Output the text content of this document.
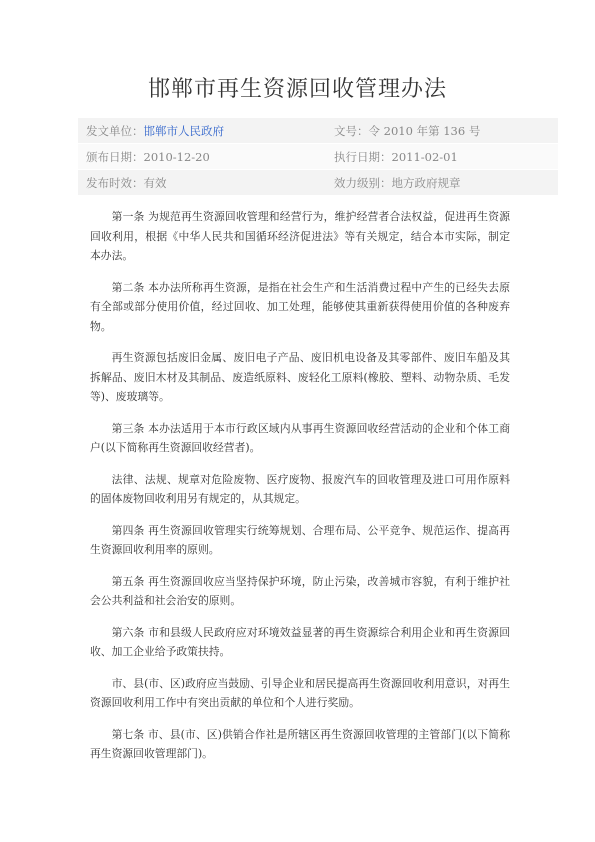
邯郸市再生资源回收管理办法
发文单位：邯郸市人民政府	文号：令 2010 年第 136 号
颁布日期：2010-12-20	执行日期：2011-02-01
发布时效：有效	效力级别：地方政府规章

第一条 为规范再生资源回收管理和经营行为，维护经营者合法权益，促进再生资源回收利用，根据《中华人民共和国循环经济促进法》等有关规定，结合本市实际，制定本办法。

第二条 本办法所称再生资源，是指在社会生产和生活消费过程中产生的已经失去原有全部或部分使用价值，经过回收、加工处理，能够使其重新获得使用价值的各种废弃物。

再生资源包括废旧金属、废旧电子产品、废旧机电设备及其零部件、废旧车船及其拆解品、废旧木材及其制品、废造纸原料、废轻化工原料(橡胶、塑料、动物杂质、毛发等)、废玻璃等。

第三条 本办法适用于本市行政区域内从事再生资源回收经营活动的企业和个体工商户(以下简称再生资源回收经营者)。

法律、法规、规章对危险废物、医疗废物、报废汽车的回收管理及进口可用作原料的固体废物回收利用另有规定的，从其规定。

第四条 再生资源回收管理实行统筹规划、合理布局、公平竞争、规范运作、提高再生资源回收利用率的原则。

第五条 再生资源回收应当坚持保护环境，防止污染，改善城市容貌，有利于维护社会公共利益和社会治安的原则。

第六条 市和县级人民政府应对环境效益显著的再生资源综合利用企业和再生资源回收、加工企业给予政策扶持。

市、县(市、区)政府应当鼓励、引导企业和居民提高再生资源回收利用意识，对再生资源回收利用工作中有突出贡献的单位和个人进行奖励。

第七条 市、县(市、区)供销合作社是所辖区再生资源回收管理的主管部门(以下简称再生资源回收管理部门)。
